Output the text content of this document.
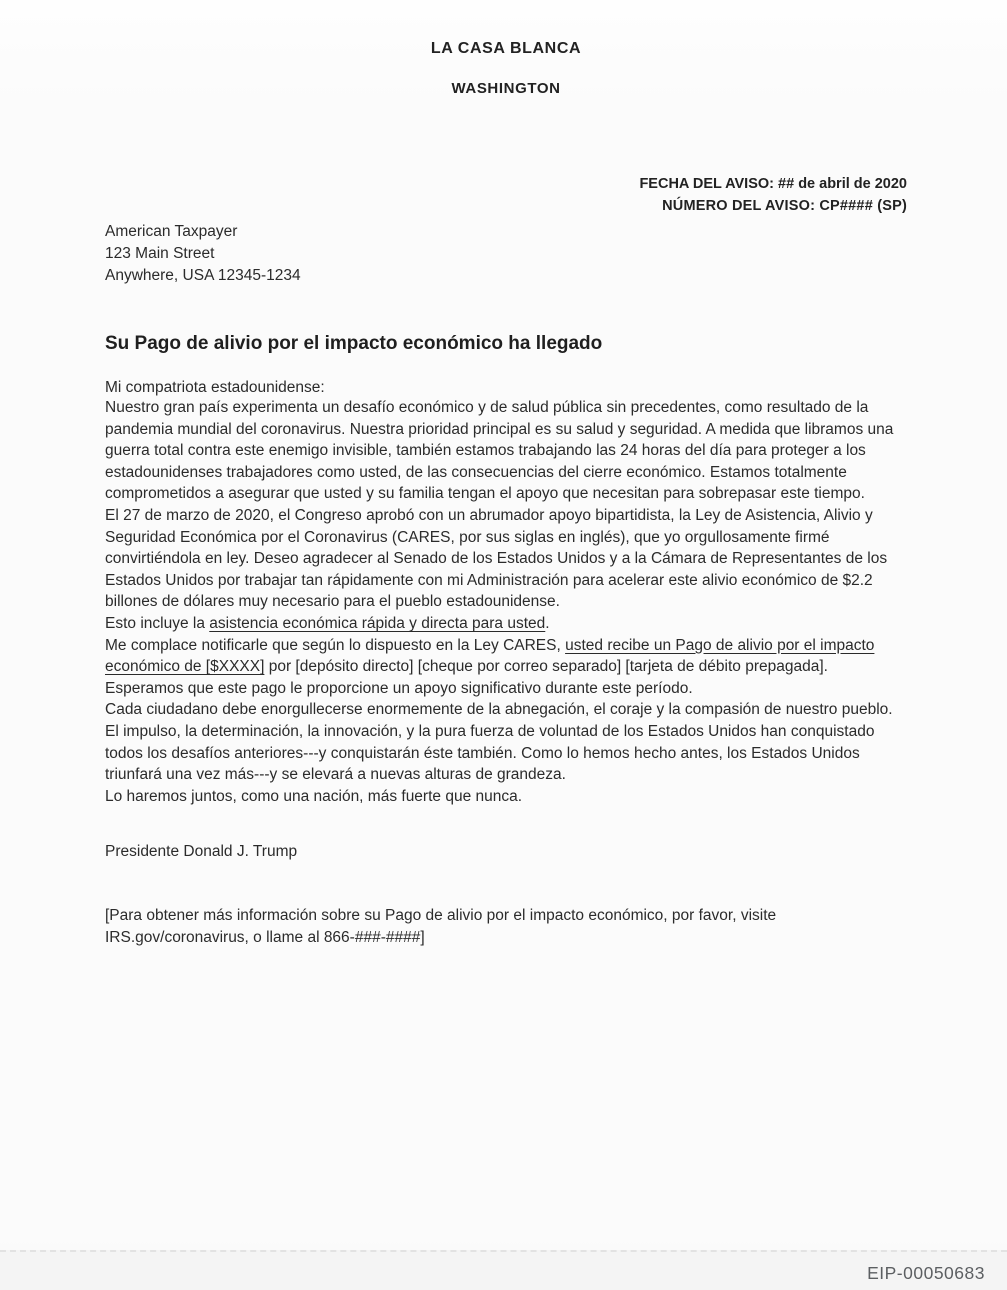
LA CASA BLANCA
WASHINGTON
FECHA DEL AVISO: ## de abril de 2020
NÚMERO DEL AVISO: CP#### (SP)
American Taxpayer
123 Main Street
Anywhere, USA 12345-1234
Su Pago de alivio por el impacto económico ha llegado
Mi compatriota estadounidense:

Nuestro gran país experimenta un desafío económico y de salud pública sin precedentes, como resultado de la pandemia mundial del coronavirus. Nuestra prioridad principal es su salud y seguridad. A medida que libramos una guerra total contra este enemigo invisible, también estamos trabajando las 24 horas del día para proteger a los estadounidenses trabajadores como usted, de las consecuencias del cierre económico. Estamos totalmente comprometidos a asegurar que usted y su familia tengan el apoyo que necesitan para sobrepasar este tiempo.

El 27 de marzo de 2020, el Congreso aprobó con un abrumador apoyo bipartidista, la Ley de Asistencia, Alivio y Seguridad Económica por el Coronavirus (CARES, por sus siglas en inglés), que yo orgullosamente firmé convirtiéndola en ley. Deseo agradecer al Senado de los Estados Unidos y a la Cámara de Representantes de los Estados Unidos por trabajar tan rápidamente con mi Administración para acelerar este alivio económico de $2.2 billones de dólares muy necesario para el pueblo estadounidense.

Esto incluye la asistencia económica rápida y directa para usted.

Me complace notificarle que según lo dispuesto en la Ley CARES, usted recibe un Pago de alivio por el impacto económico de [$XXXX] por [depósito directo] [cheque por correo separado] [tarjeta de débito prepagada]. Esperamos que este pago le proporcione un apoyo significativo durante este período.

Cada ciudadano debe enorgullecerse enormemente de la abnegación, el coraje y la compasión de nuestro pueblo. El impulso, la determinación, la innovación, y la pura fuerza de voluntad de los Estados Unidos han conquistado todos los desafíos anteriores---y conquistarán éste también. Como lo hemos hecho antes, los Estados Unidos triunfará una vez más---y se elevará a nuevas alturas de grandeza.

Lo haremos juntos, como una nación, más fuerte que nunca.

Presidente Donald J. Trump
[Para obtener más información sobre su Pago de alivio por el impacto económico, por favor, visite IRS.gov/coronavirus, o llame al 866-###-####]
EIP-00050683
